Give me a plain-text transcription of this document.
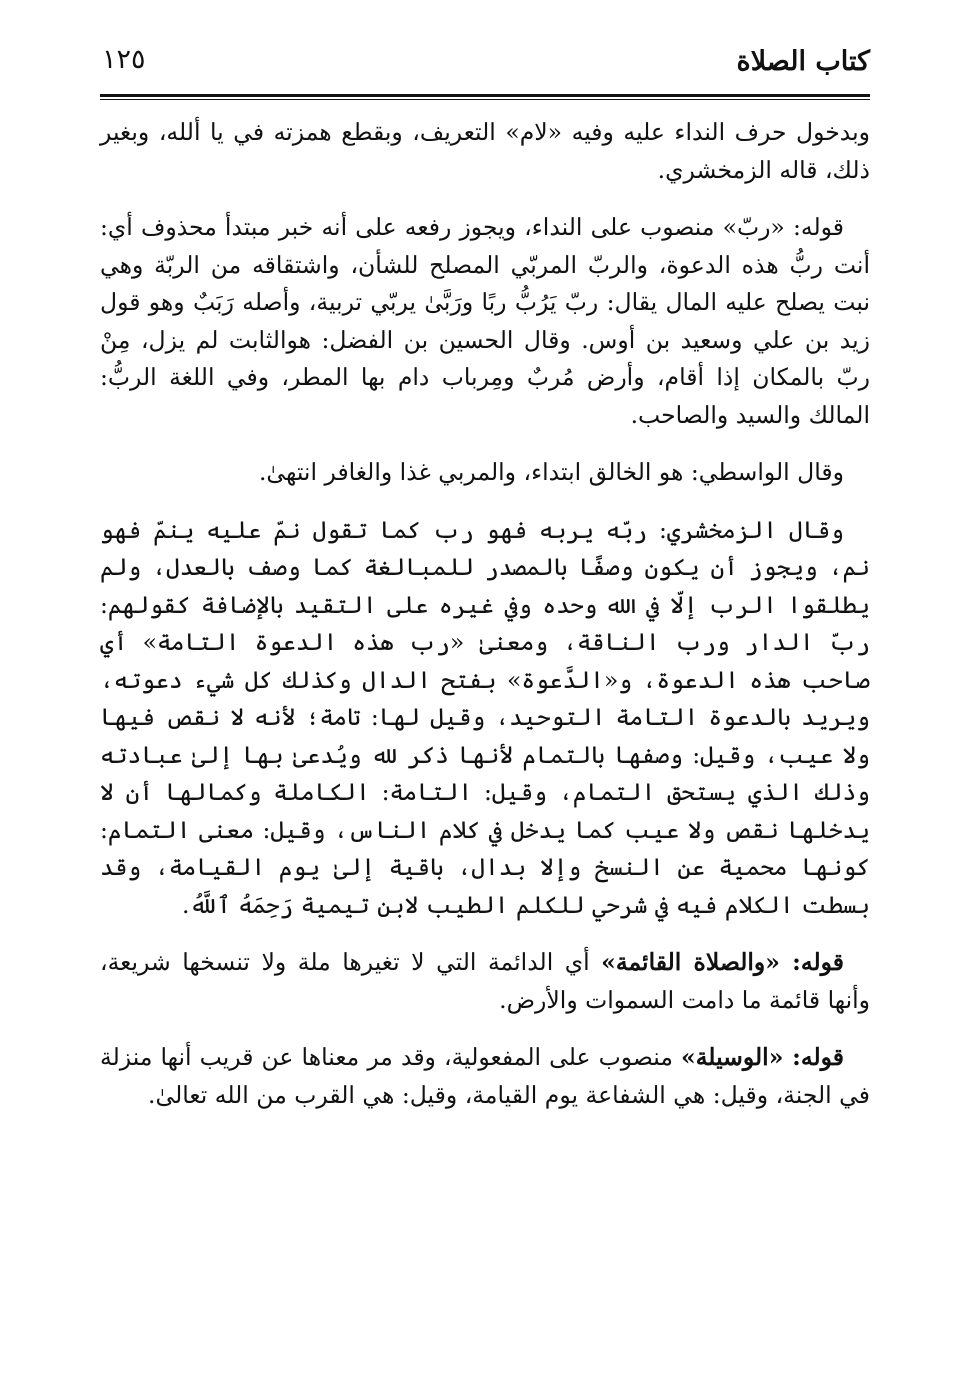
كتاب الصلاة
١٢٥

وبدخول حرف النداء عليه وفيه «لام» التعريف، وبقطع همزته في يا ألله، وبغير ذلك، قاله الزمخشري.

قوله: «ربّ» منصوب على النداء، ويجوز رفعه على أنه خبر مبتدأ محذوف أي: أنت ربُّ هذه الدعوة، والربّ المربّي المصلح للشأن، واشتقاقه من الربّة وهي نبت يصلح عليه المال يقال: ربّ يَرُبُّ ربًا ورَبَّىٰ يربّي تربية، وأصله رَبَبٌ وهو قول زيد بن علي وسعيد بن أوس. وقال الحسين بن الفضل: هوالثابت لم يزل، مِنْ ربّ بالمكان إذا أقام، وأرض مُربٌ ومِرباب دام بها المطر، وفي اللغة الربُّ: المالك والسيد والصاحب.

وقال الواسطي: هو الخالق ابتداء، والمربي غذا والغافر انتهىٰ.

وقال الزمخشري: ربّه يربه فهو رب كما تقول نمّ عليه ينمّ فهو نم، ويجوز أن يكون وصفًا بالمصدر للمبالغة كما وصف بالعدل، ولم يطلقوا الرب إلّا في الله وحده وفي غيره على التقيد بالإضافة كقولهم: ربّ الدار ورب الناقة، ومعنىٰ «رب هذه الدعوة التامة» أي صاحب هذه الدعوة، و«الدَّعوة» بفتح الدال وكذلك كل شيء دعوته، ويريد بالدعوة التامة التوحيد، وقيل لها: تامة؛ لأنه لا نقص فيها ولا عيب، وقيل: وصفها بالتمام لأنها ذكر لله ويُدعىٰ بها إلىٰ عبادته وذلك الذي يستحق التمام، وقيل: التامة: الكاملة وكمالها أن لا يدخلها نقص ولا عيب كما يدخل في كلام الناس، وقيل: معنى التمام: كونها محمية عن النسخ وإلا بدال، باقية إلىٰ يوم القيامة، وقد بسطت الكلام فيه في شرحي للكلم الطيب لابن تيمية رَحِمَهُ ٱللَّهُ.

قوله: «والصلاة القائمة» أي الدائمة التي لا تغيرها ملة ولا تنسخها شريعة، وأنها قائمة ما دامت السموات والأرض.

قوله: «الوسيلة» منصوب على المفعولية، وقد مر معناها عن قريب أنها منزلة في الجنة، وقيل: هي الشفاعة يوم القيامة، وقيل: هي القرب من الله تعالىٰ.
